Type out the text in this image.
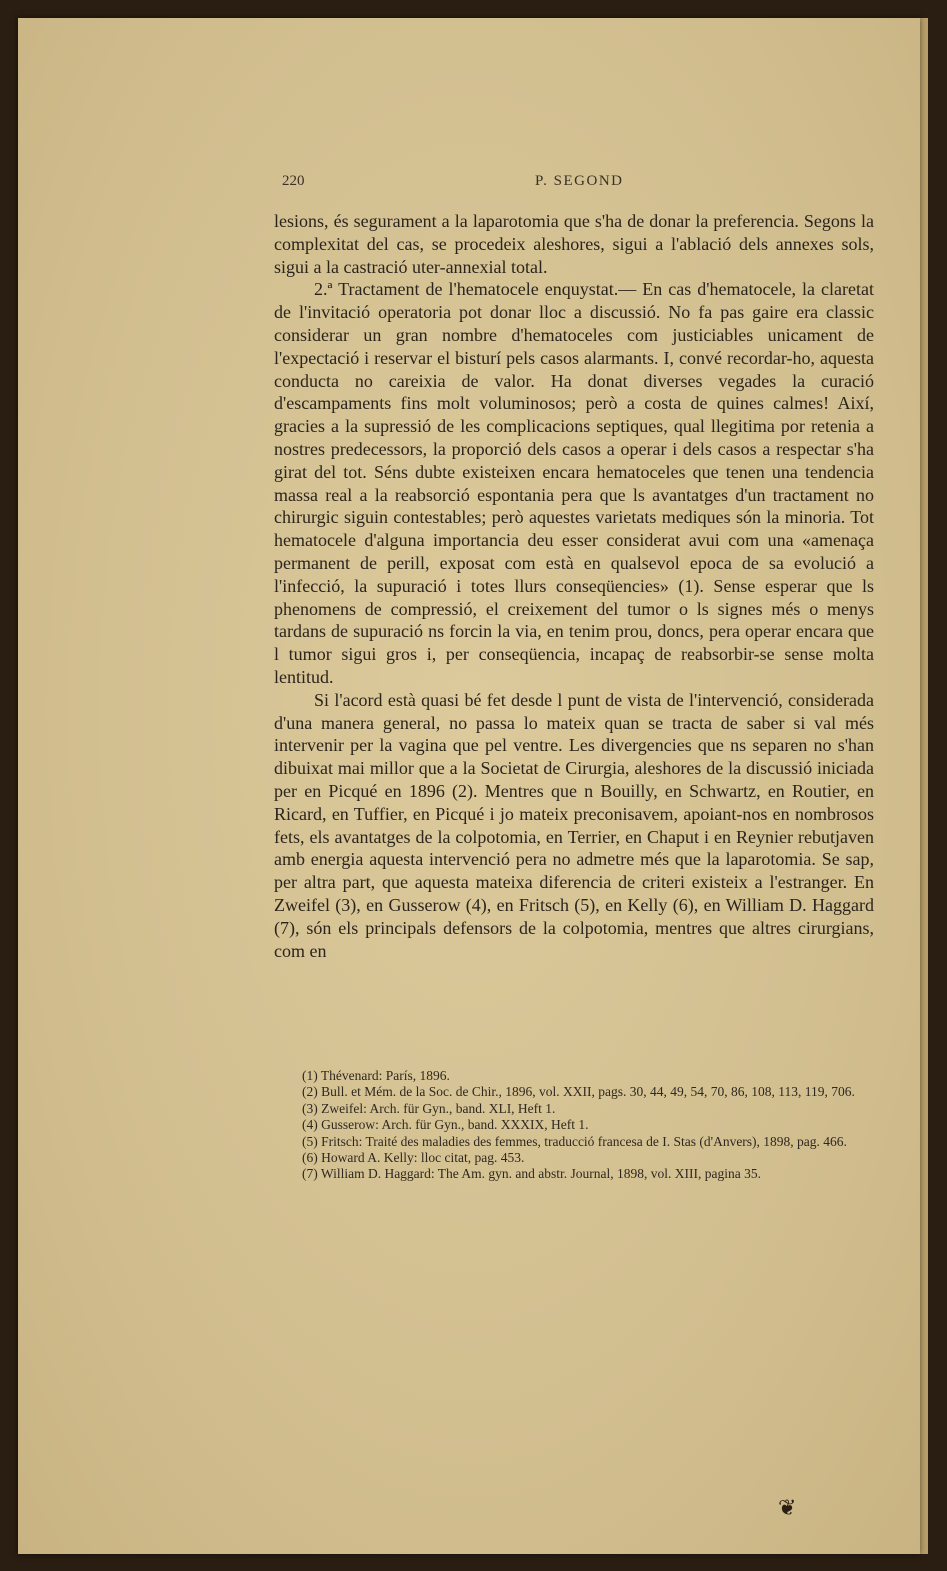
220	P. SEGOND

lesions, és segurament a la laparotomia que s'ha de donar la preferencia. Segons la complexitat del cas, se procedeix aleshores, sigui a l'ablació dels annexes sols, sigui a la castració uter-annexial total.

2.ª Tractament de l'hematocele enquystat.— En cas d'hematocele, la claretat de l'invitació operatoria pot donar lloc a discussió. No fa pas gaire era classic considerar un gran nombre d'hematoceles com justiciables unicament de l'expectació i reservar el bisturí pels casos alarmants. I, convé recordar-ho, aquesta conducta no careixia de valor. Ha donat diverses vegades la curació d'escampaments fins molt voluminosos; però a costa de quines calmes! Així, gracies a la supressió de les complicacions septiques, qual llegitima por retenia a nostres predecessors, la proporció dels casos a operar i dels casos a respectar s'ha girat del tot. Séns dubte existeixen encara hematoceles que tenen una tendencia massa real a la reabsorció espontania pera que ls avantatges d'un tractament no chirurgic siguin contestables; però aquestes varietats mediques són la minoria. Tot hematocele d'alguna importancia deu esser considerat avui com una «amenaça permanent de perill, exposat com està en qualsevol epoca de sa evolució a l'infecció, la supuració i totes llurs conseqüencies» (1). Sense esperar que ls phenomens de compressió, el creixement del tumor o ls signes més o menys tardans de supuració ns forcin la via, en tenim prou, doncs, pera operar encara que l tumor sigui gros i, per conseqüencia, incapaç de reabsorbir-se sense molta lentitud.

Si l'acord està quasi bé fet desde l punt de vista de l'intervenció, considerada d'una manera general, no passa lo mateix quan se tracta de saber si val més intervenir per la vagina que pel ventre. Les divergencies que ns separen no s'han dibuixat mai millor que a la Societat de Cirurgia, aleshores de la discussió iniciada per en Picqué en 1896 (2). Mentres que n Bouilly, en Schwartz, en Routier, en Ricard, en Tuffier, en Picqué i jo mateix preconisavem, apoiant-nos en nombrosos fets, els avantatges de la colpotomia, en Terrier, en Chaput i en Reynier rebutjaven amb energia aquesta intervenció pera no admetre més que la laparotomia. Se sap, per altra part, que aquesta mateixa diferencia de criteri existeix a l'estranger. En Zweifel (3), en Gusserow (4), en Fritsch (5), en Kelly (6), en William D. Haggard (7), són els principals defensors de la colpotomia, mentres que altres cirurgians, com en

(1) Thévenard: París, 1896.

(2) Bull. et Mém. de la Soc. de Chir., 1896, vol. XXII, pags. 30, 44, 49, 54, 70, 86, 108, 113, 119, 706.

(3) Zweifel: Arch. für Gyn., band. XLI, Heft 1.

(4) Gusserow: Arch. für Gyn., band. XXXIX, Heft 1.

(5) Fritsch: Traité des maladies des femmes, traducció francesa de I. Stas (d'Anvers), 1898, pag. 466.

(6) Howard A. Kelly: lloc citat, pag. 453.

(7) William D. Haggard: The Am. gyn. and abstr. Journal, 1898, vol. XIII, pagina 35.

❦
